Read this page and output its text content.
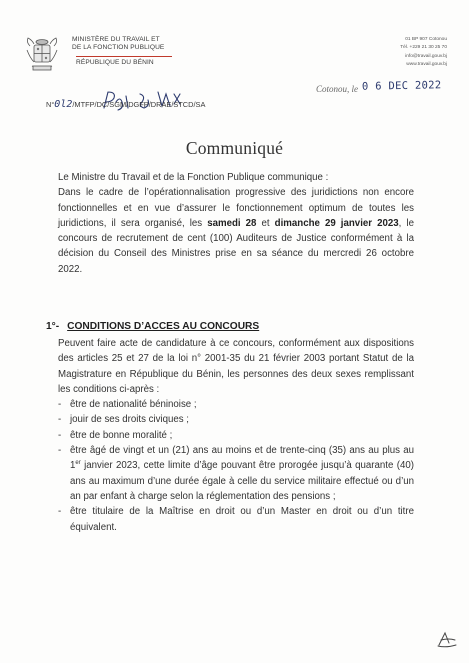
MINISTÈRE DU TRAVAIL ET
DE LA FONCTION PUBLIQUE
RÉPUBLIQUE DU BÉNIN
01 BP 907 Cotonou
Tél. +229 21 30 25 70
info@travail.gouv.bj
www.travail.gouv.bj
Cotonou, le 0 6 DEC 2022
N°0l2/MTFP/DC/SGM/DGFP/DRAE/STCD/SA
Communiqué

Le Ministre du Travail et de la Fonction Publique communique :

Dans le cadre de l’opérationnalisation progressive des juridictions non encore fonctionnelles et en vue d’assurer le fonctionnement optimum de toutes les juridictions, il sera organisé, les samedi 28 et dimanche 29 janvier 2023, le concours de recrutement de cent (100) Auditeurs de Justice conformément à la décision du Conseil des Ministres prise en sa séance du mercredi 26 octobre 2022.

1°- CONDITIONS D’ACCES AU CONCOURS

Peuvent faire acte de candidature à ce concours, conformément aux dispositions des articles 25 et 27 de la loi n° 2001-35 du 21 février 2003 portant Statut de la Magistrature en République du Bénin, les personnes des deux sexes remplissant les conditions ci-après :

- être de nationalité béninoise ;
- jouir de ses droits civiques ;
- être de bonne moralité ;
- être âgé de vingt et un (21) ans au moins et de trente-cinq (35) ans au plus au 1er janvier 2023, cette limite d’âge pouvant être prorogée jusqu’à quarante (40) ans au maximum d’une durée égale à celle du service militaire effectué ou d’un an par enfant à charge selon la réglementation des pensions ;
- être titulaire de la Maîtrise en droit ou d’un Master en droit ou d’un titre équivalent.
